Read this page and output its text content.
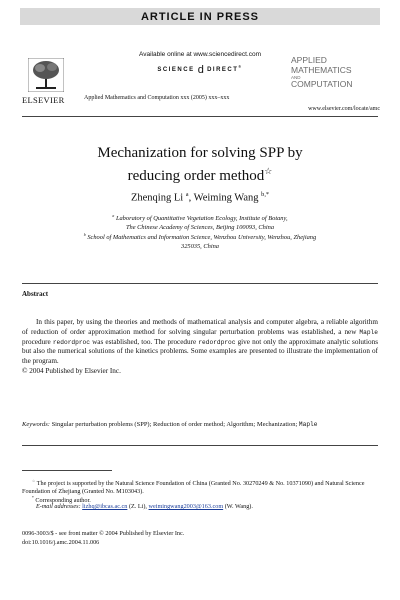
ARTICLE IN PRESS
Available online at www.sciencedirect.com
SCIENCE d DIRECT®
ELSEVIER	Applied Mathematics and Computation xxx (2005) xxx–xxx
APPLIED
MATHEMATICS
AND
COMPUTATION
www.elsevier.com/locate/amc
Mechanization for solving SPP by
reducing order method☆
Zhenqing Li $^a$, Weiming Wang $^{b,*}$
$^a$ Laboratory of Quantitative Vegetation Ecology, Institute of Botany,
The Chinese Academy of Sciences, Beijing 100093, China
$^b$ School of Mathematics and Information Science, Wenzhou University, Wenzhou, Zhejiang
325035, China
Abstract
In this paper, by using the theories and methods of mathematical analysis and computer algebra, a reliable algorithm of reduction of order approximation method for solving singular perturbation problems was established, a new Maple procedure redordproc was established, too. The procedure redordproc give not only the approximate analytic solutions but also the numerical solutions of the kinetics problems. Some examples are presented to illustrate the implementation of the program.
© 2004 Published by Elsevier Inc.
Keywords: Singular perturbation problems (SPP); Reduction of order method; Algorithm; Mechanization; Maple
☆ The project is supported by the Natural Science Foundation of China (Granted No. 30270249 & No. 10371090) and Natural Science Foundation of Zhejiang (Granted No. M103043).
* Corresponding author.
E-mail addresses: lizhq@ibcas.ac.cn (Z. Li), weimingwang2003@163.com (W. Wang).
0096-3003/$ - see front matter © 2004 Published by Elsevier Inc.
doi:10.1016/j.amc.2004.11.006
